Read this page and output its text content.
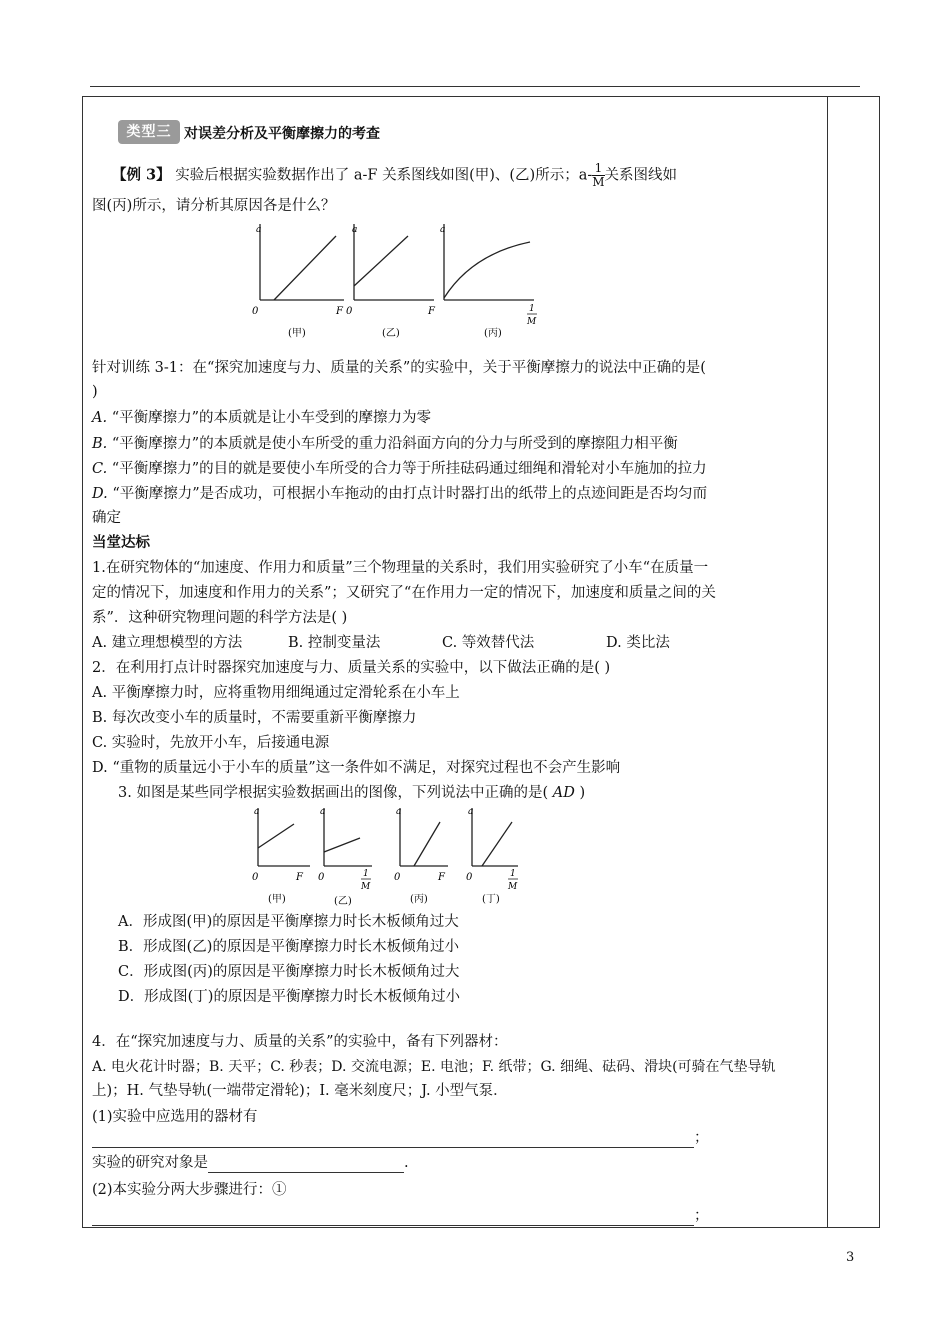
类型三 对误差分析及平衡摩擦力的考查
【例 3】 实验后根据实验数据作出了 a-F 关系图线如图(甲)、(乙)所示；$a- \frac{1}{M}$ 关系图线如
图(丙)所示，请分析其原因各是什么？
a
0	F
(甲)
a
0	F
(乙)
a
1
M
(丙)
针对训练 3-1：在“探究加速度与力、质量的关系”的实验中，关于平衡摩擦力的说法中正确的是(
)
A. “平衡摩擦力”的本质就是让小车受到的摩擦力为零
B. “平衡摩擦力”的本质就是使小车所受的重力沿斜面方向的分力与所受到的摩擦阻力相平衡
C. “平衡摩擦力”的目的就是要使小车所受的合力等于所挂砝码通过细绳和滑轮对小车施加的拉力
D. “平衡摩擦力”是否成功，可根据小车拖动的由打点计时器打出的纸带上的点迹间距是否均匀而
确定
当堂达标
1.在研究物体的“加速度、作用力和质量”三个物理量的关系时，我们用实验研究了小车“在质量一
定的情况下，加速度和作用力的关系”；又研究了“在作用力一定的情况下，加速度和质量之间的关
系”．这种研究物理问题的科学方法是( )
A. 建立理想模型的方法	B. 控制变量法	C. 等效替代法	D. 类比法
2．在利用打点计时器探究加速度与力、质量关系的实验中，以下做法正确的是( )
A. 平衡摩擦力时，应将重物用细绳通过定滑轮系在小车上
B. 每次改变小车的质量时，不需要重新平衡摩擦力
C. 实验时，先放开小车，后接通电源
D. “重物的质量远小于小车的质量”这一条件如不满足，对探究过程也不会产生影响
3. 如图是某些同学根据实验数据画出的图像，下列说法中正确的是( AD )
a
0	F
(甲)
a
0	1
M
(乙)
a
0	F
(丙)
a
0	1
M
(丁)
A．形成图(甲)的原因是平衡摩擦力时长木板倾角过大
B．形成图(乙)的原因是平衡摩擦力时长木板倾角过小
C．形成图(丙)的原因是平衡摩擦力时长木板倾角过大
D．形成图(丁)的原因是平衡摩擦力时长木板倾角过小
4．在“探究加速度与力、质量的关系”的实验中，备有下列器材：
A. 电火花计时器；B. 天平；C. 秒表；D. 交流电源；E. 电池；F. 纸带；G. 细绳、砝码、滑块(可骑在气垫导轨
上)；H. 气垫导轨(一端带定滑轮)；I. 毫米刻度尺；J. 小型气泵．
(1)实验中应选用的器材有
；
实验的研究对象是	.
(2)本实验分两大步骤进行：①
；
3
